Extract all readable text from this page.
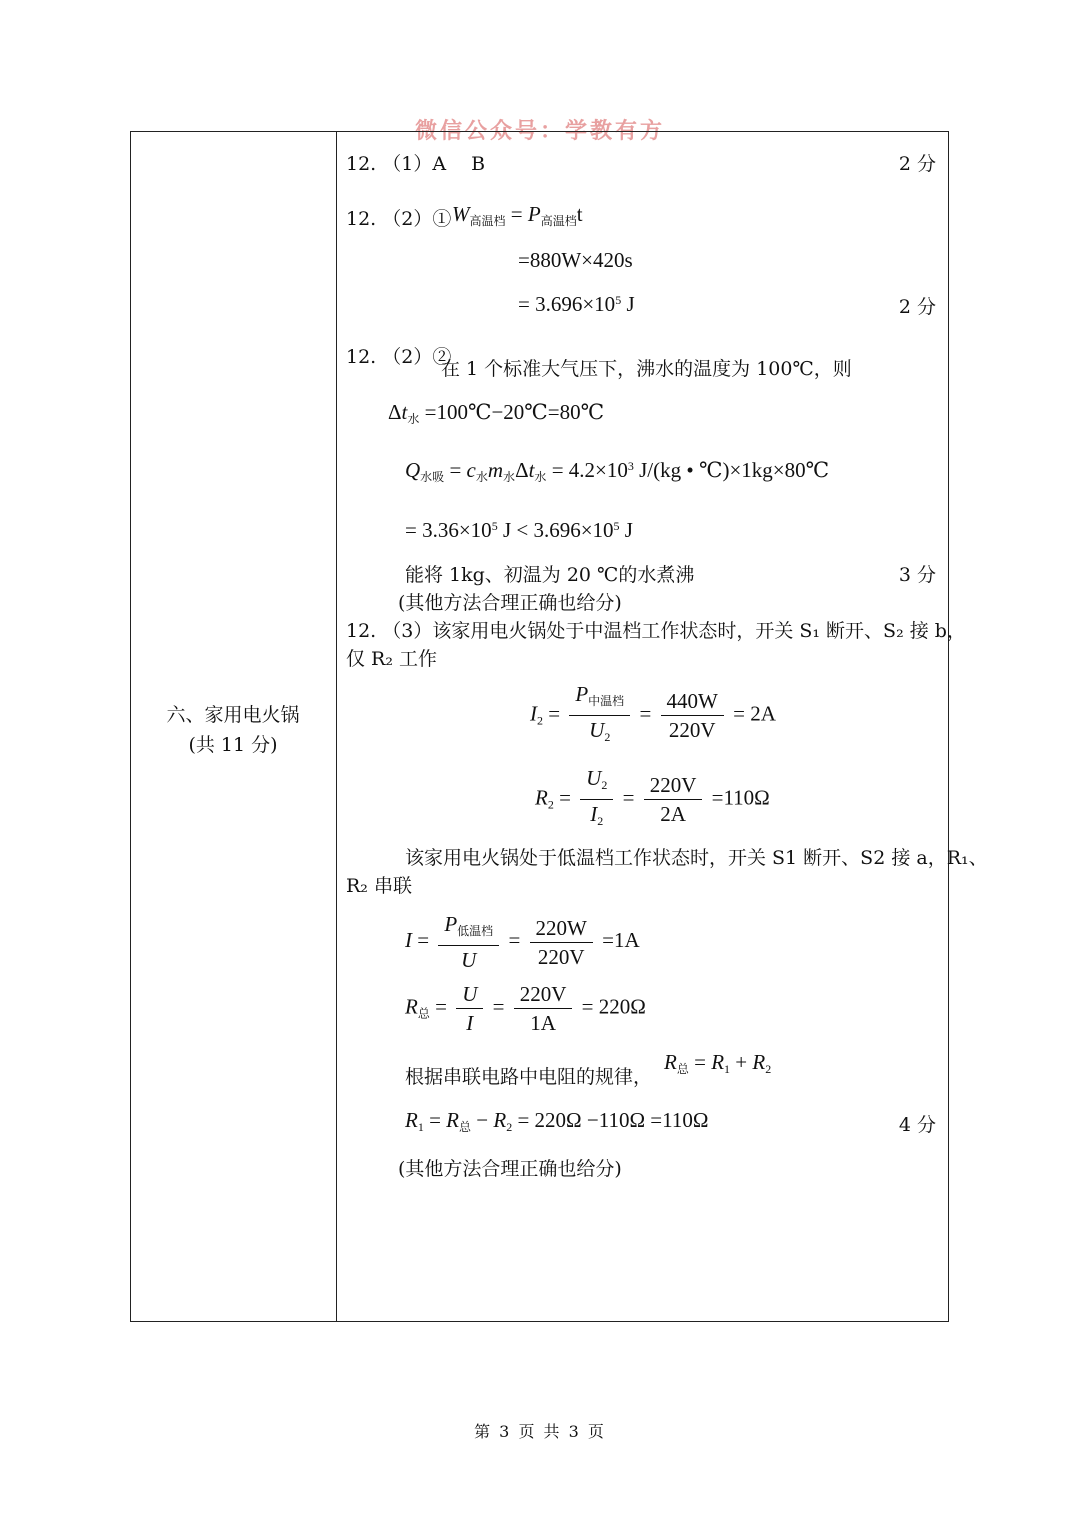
微信公众号：学教有方
六、家用电火锅
(共 11 分)
12. （1）A　 B	2 分
12. （2）① $W_{高温档} = P_{高温档}t$
=880W×420s
= $3.696\times 10^5$ J	2 分
12. （2）②
在 1 个标准大气压下，沸水的温度为 100℃，则
$\Delta t_水$ =100℃−20℃=80℃
$Q_{水吸} = c_水m_水\Delta t_水 = 4.2\times 10^3$ J/(kg • ℃)×1kg×80℃
= $3.36\times 10^5$ $J < 3.696\times 10^5$ J
能将 1kg、初温为 20 ℃的水煮沸	3 分
(其他方法合理正确也给分)
12. （3）该家用电火锅处于中温档工作状态时，开关 S₁ 断开、S₂ 接 b，
仅 R₂ 工作
$I_2 = \frac{P_{中温档}}{U_2} = \frac{440W}{220V} = 2A$
$R_2 = \frac{U_2}{I_2} = \frac{220V}{2A} =110\Omega$
该家用电火锅处于低温档工作状态时，开关 S1 断开、S2 接 a，R₁、
R₂ 串联
$I = \frac{P_{低温档}}{U} = \frac{220W}{220V} =1A$
$R_总 = \frac{U}{I} = \frac{220V}{1A} = 220\Omega$
根据串联电路中电阻的规律，
$R_总 = R_1 + R_2$
$R_1 = R_总 - R_2 = 220\Omega -110\Omega =110\Omega$	4 分
(其他方法合理正确也给分)
第 3 页 共 3 页
